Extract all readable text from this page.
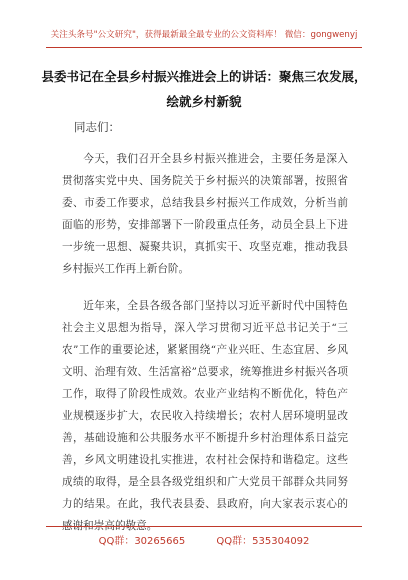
关注头条号"公文研究"，获得最新最全最专业的公文资料库！ 微信：gongwenyj
县委书记在全县乡村振兴推进会上的讲话：聚焦三农发展，绘就乡村新貌
同志们：

今天，我们召开全县乡村振兴推进会，主要任务是深入贯彻落实党中央、国务院关于乡村振兴的决策部署，按照省委、市委工作要求，总结我县乡村振兴工作成效，分析当前面临的形势，安排部署下一阶段重点任务，动员全县上下进一步统一思想、凝聚共识，真抓实干、攻坚克难，推动我县乡村振兴工作再上新台阶。

近年来，全县各级各部门坚持以习近平新时代中国特色社会主义思想为指导，深入学习贯彻习近平总书记关于“三农”工作的重要论述，紧紧围绕“产业兴旺、生态宜居、乡风文明、治理有效、生活富裕”总要求，统筹推进乡村振兴各项工作，取得了阶段性成效。农业产业结构不断优化，特色产业规模逐步扩大，农民收入持续增长；农村人居环境明显改善，基础设施和公共服务水平不断提升乡村治理体系日益完善，乡风文明建设扎实推进，农村社会保持和谐稳定。这些成绩的取得，是全县各级党组织和广大党员干部群众共同努力的结果。在此，我代表县委、县政府，向大家表示衷心的感谢和崇高的敬意。

QQ群：30265665	QQ群：535304092
